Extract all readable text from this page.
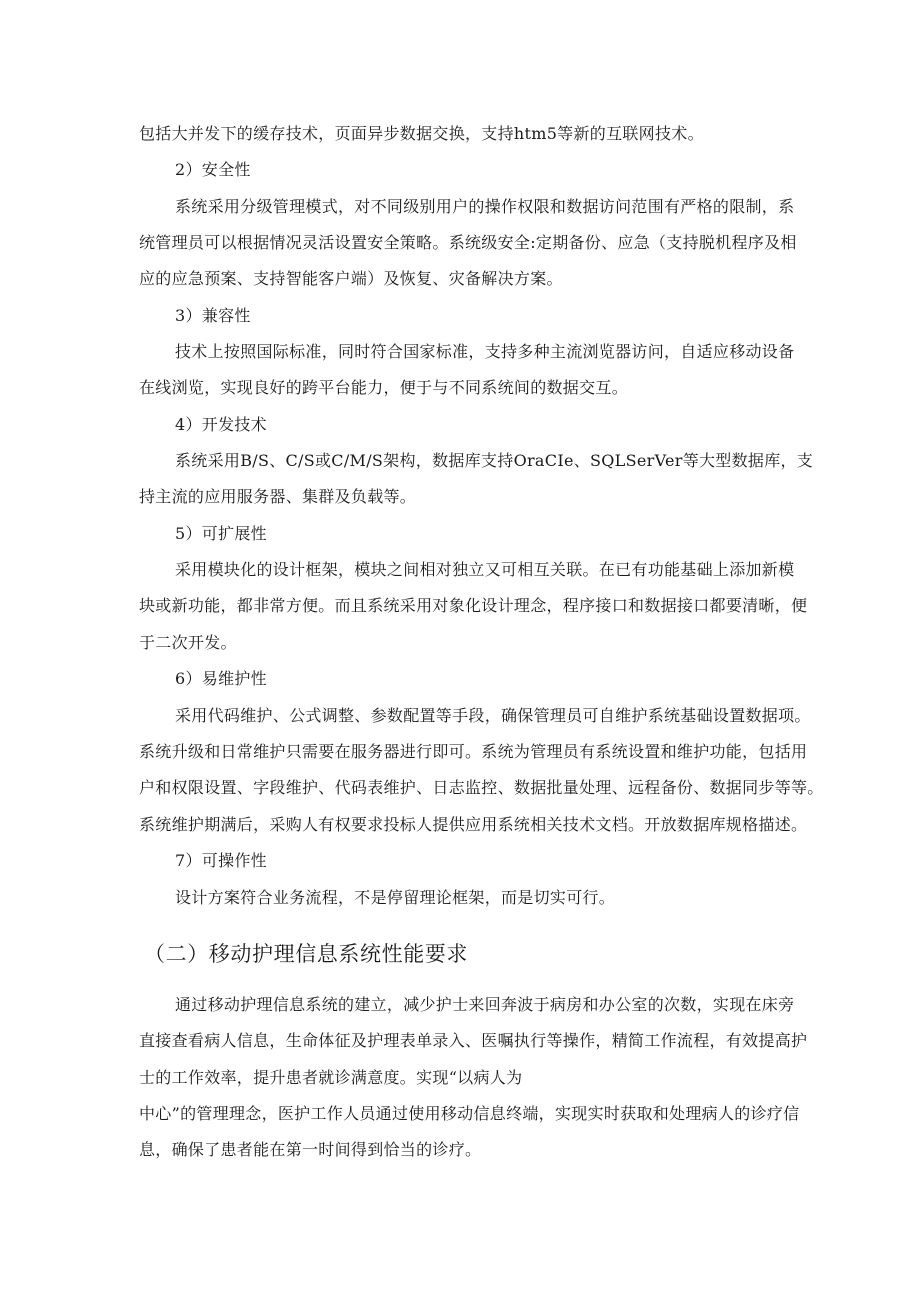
包括大并发下的缓存技术，页面异步数据交换，支持htm5等新的互联网技术。
2）安全性
系统采用分级管理模式，对不同级别用户的操作权限和数据访问范围有严格的限制，系
统管理员可以根据情况灵活设置安全策略。系统级安全:定期备份、应急（支持脱机程序及相
应的应急预案、支持智能客户端）及恢复、灾备解决方案。
3）兼容性
技术上按照国际标准，同时符合国家标准，支持多种主流浏览器访问，自适应移动设备
在线浏览，实现良好的跨平台能力，便于与不同系统间的数据交互。
4）开发技术
系统采用B/S、C/S或C/M/S架构，数据库支持OraCIe、SQLSerVer等大型数据库，支
持主流的应用服务器、集群及负载等。
5）可扩展性
采用模块化的设计框架，模块之间相对独立又可相互关联。在已有功能基础上添加新模
块或新功能，都非常方便。而且系统采用对象化设计理念，程序接口和数据接口都要清晰，便
于二次开发。
6）易维护性
采用代码维护、公式调整、参数配置等手段，确保管理员可自维护系统基础设置数据项。
系统升级和日常维护只需要在服务器进行即可。系统为管理员有系统设置和维护功能，包括用
户和权限设置、字段维护、代码表维护、日志监控、数据批量处理、远程备份、数据同步等等。
系统维护期满后，采购人有权要求投标人提供应用系统相关技术文档。开放数据库规格描述。
7）可操作性
设计方案符合业务流程，不是停留理论框架，而是切实可行。
（二）移动护理信息系统性能要求
通过移动护理信息系统的建立，减少护士来回奔波于病房和办公室的次数，实现在床旁
直接查看病人信息，生命体征及护理表单录入、医嘱执行等操作，精简工作流程，有效提高护
士的工作效率，提升患者就诊满意度。实现“以病人为
中心”的管理理念，医护工作人员通过使用移动信息终端，实现实时获取和处理病人的诊疗信
息，确保了患者能在第一时间得到恰当的诊疗。
